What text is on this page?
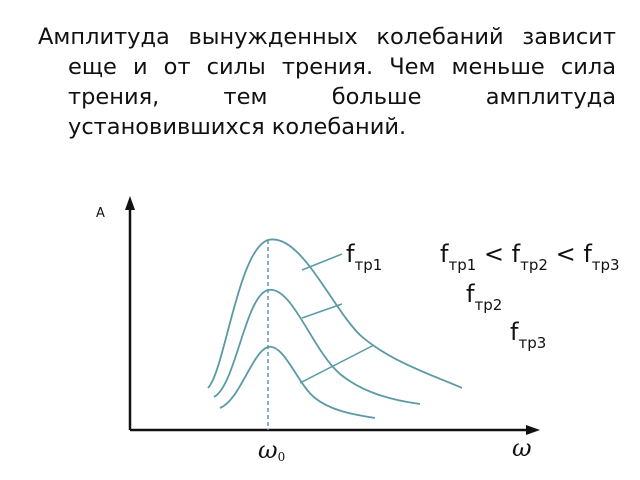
Амплитуда вынужденных колебаний зависит
еще и от силы трения. Чем меньше сила
трения, тем больше амплитуда
установившихся колебаний.
A
$\omega_0$	ω
$f_{тр1}$ $f_{тр1} < f_{тр2} < f_{тр3}$
$f_{тр2}$
$f_{тр3}$
